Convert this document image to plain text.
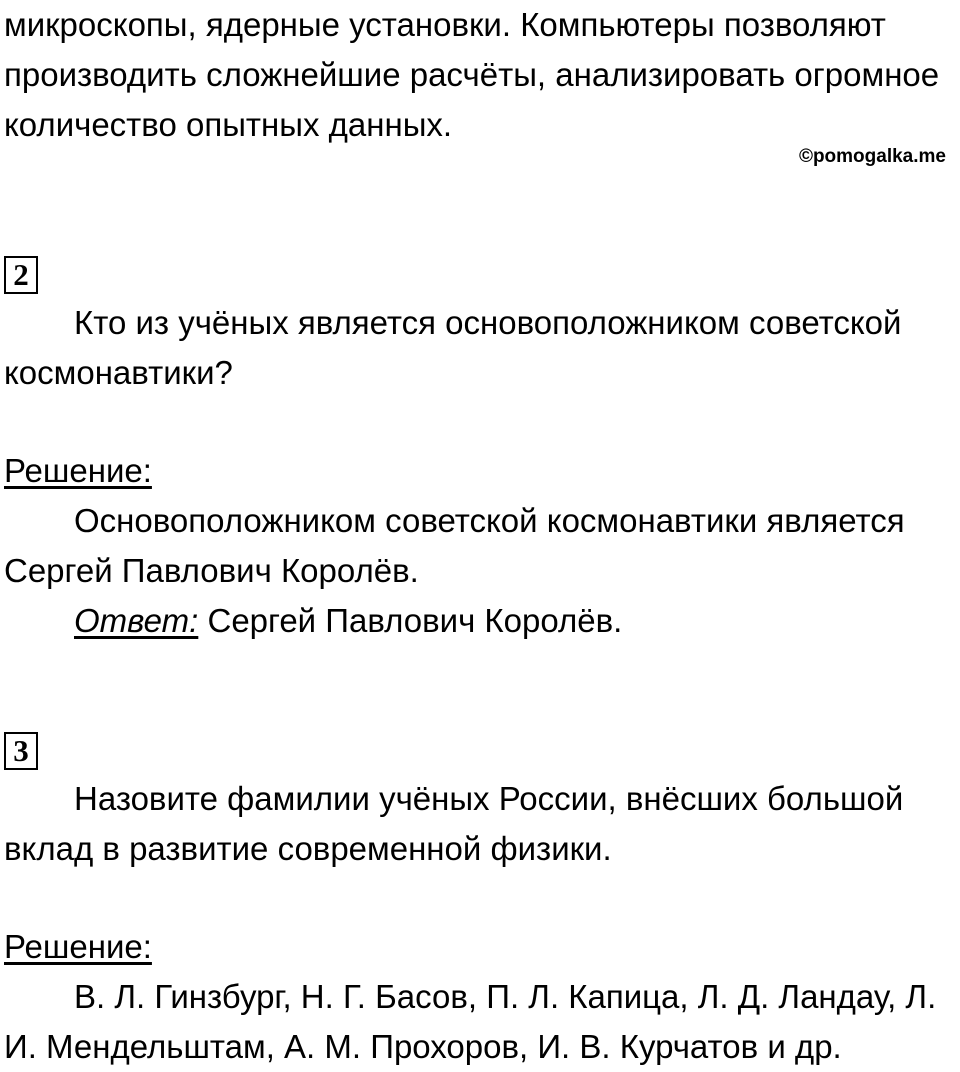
микроскопы, ядерные установки. Компьютеры позволяют производить сложнейшие расчёты, анализировать огромное количество опытных данных.

©pomogalka.me
2

Кто из учёных является основоположником советской космонавтики?

Решение:

Основоположником советской космонавтики является Сергей Павлович Королёв.

Ответ: Сергей Павлович Королёв.

3

Назовите фамилии учёных России, внёсших большой вклад в развитие современной физики.

Решение:

В. Л. Гинзбург, Н. Г. Басов, П. Л. Капица, Л. Д. Ландау, Л. И. Мендельштам, А. М. Прохоров, И. В. Курчатов и др.
